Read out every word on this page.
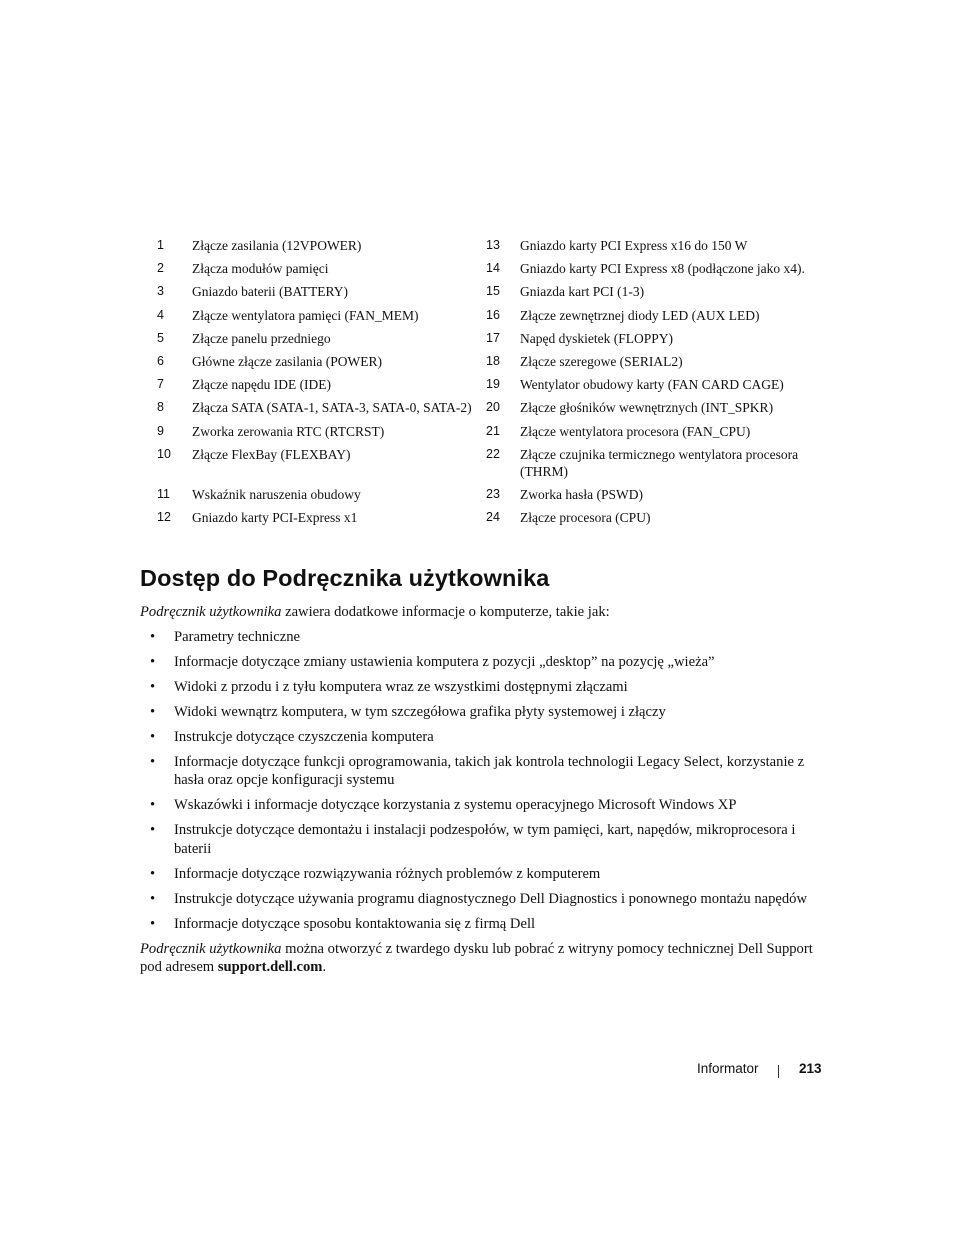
1	Złącze zasilania (12VPOWER)	13	Gniazdo karty PCI Express x16 do 150 W
2	Złącza modułów pamięci	14	Gniazdo karty PCI Express x8 (podłączone jako x4).
3	Gniazdo baterii (BATTERY)	15	Gniazda kart PCI (1-3)
4	Złącze wentylatora pamięci (FAN_MEM)	16	Złącze zewnętrznej diody LED (AUX LED)
5	Złącze panelu przedniego	17	Napęd dyskietek (FLOPPY)
6	Główne złącze zasilania (POWER)	18	Złącze szeregowe (SERIAL2)
7	Złącze napędu IDE (IDE)	19	Wentylator obudowy karty (FAN CARD CAGE)
8	Złącza SATA (SATA-1, SATA-3, SATA-0, SATA-2)	20	Złącze głośników wewnętrznych (INT_SPKR)
9	Zworka zerowania RTC (RTCRST)	21	Złącze wentylatora procesora (FAN_CPU)
10	Złącze FlexBay (FLEXBAY)	22	Złącze czujnika termicznego wentylatora procesora (THRM)
11	Wskaźnik naruszenia obudowy	23	Zworka hasła (PSWD)
12	Gniazdo karty PCI-Express x1	24	Złącze procesora (CPU)
Dostęp do Podręcznika użytkownika

Podręcznik użytkownika zawiera dodatkowe informacje o komputerze, takie jak:

• Parametry techniczne
• Informacje dotyczące zmiany ustawienia komputera z pozycji „desktop” na pozycję „wieża”
• Widoki z przodu i z tyłu komputera wraz ze wszystkimi dostępnymi złączami
• Widoki wewnątrz komputera, w tym szczegółowa grafika płyty systemowej i złączy
• Instrukcje dotyczące czyszczenia komputera
• Informacje dotyczące funkcji oprogramowania, takich jak kontrola technologii Legacy Select, korzystanie z hasła oraz opcje konfiguracji systemu
• Wskazówki i informacje dotyczące korzystania z systemu operacyjnego Microsoft Windows XP
• Instrukcje dotyczące demontażu i instalacji podzespołów, w tym pamięci, kart, napędów, mikroprocesora i baterii
• Informacje dotyczące rozwiązywania różnych problemów z komputerem
• Instrukcje dotyczące używania programu diagnostycznego Dell Diagnostics i ponownego montażu napędów
• Informacje dotyczące sposobu kontaktowania się z firmą Dell

Podręcznik użytkownika można otworzyć z twardego dysku lub pobrać z witryny pomocy technicznej Dell Support pod adresem support.dell.com.

Informator	213
